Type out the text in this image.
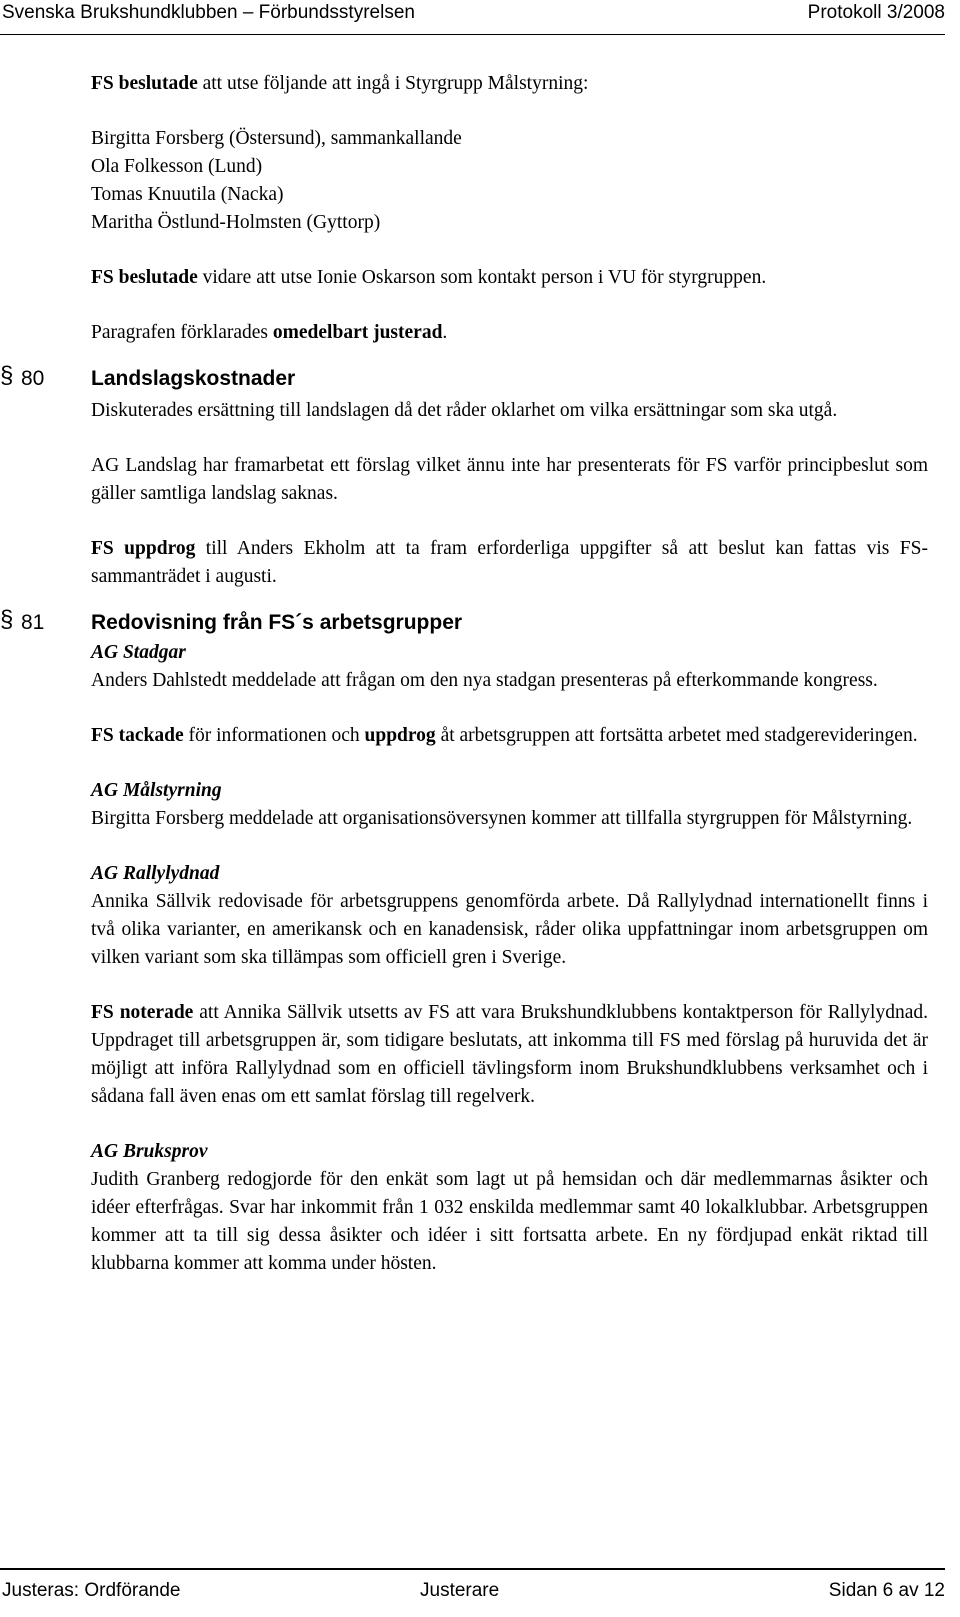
Svenska Brukshundklubben – Förbundsstyrelsen	Protokoll 3/2008

FS beslutade att utse följande att ingå i Styrgrupp Målstyrning:

Birgitta Forsberg (Östersund), sammankallande

Ola Folkesson (Lund)

Tomas Knuutila (Nacka)

Maritha Östlund-Holmsten (Gyttorp)

FS beslutade vidare att utse Ionie Oskarson som kontakt person i VU för styrgruppen.

Paragrafen förklarades omedelbart justerad.

§ 80 Landslagskostnader

Diskuterades ersättning till landslagen då det råder oklarhet om vilka ersättningar som ska utgå.

AG Landslag har framarbetat ett förslag vilket ännu inte har presenterats för FS varför principbeslut som gäller samtliga landslag saknas.

FS uppdrog till Anders Ekholm att ta fram erforderliga uppgifter så att beslut kan fattas vis FS-sammanträdet i augusti.

§ 81 Redovisning från FS´s arbetsgrupper

AG Stadgar

Anders Dahlstedt meddelade att frågan om den nya stadgan presenteras på efterkommande kongress.

FS tackade för informationen och uppdrog åt arbetsgruppen att fortsätta arbetet med stadgerevideringen.

AG Målstyrning

Birgitta Forsberg meddelade att organisationsöversynen kommer att tillfalla styrgruppen för Målstyrning.

AG Rallylydnad

Annika Sällvik redovisade för arbetsgruppens genomförda arbete. Då Rallylydnad internationellt finns i två olika varianter, en amerikansk och en kanadensisk, råder olika uppfattningar inom arbetsgruppen om vilken variant som ska tillämpas som officiell gren i Sverige.

FS noterade att Annika Sällvik utsetts av FS att vara Brukshundklubbens kontaktperson för Rallylydnad. Uppdraget till arbetsgruppen är, som tidigare beslutats, att inkomma till FS med förslag på huruvida det är möjligt att införa Rallylydnad som en officiell tävlingsform inom Brukshundklubbens verksamhet och i sådana fall även enas om ett samlat förslag till regelverk.

AG Bruksprov

Judith Granberg redogjorde för den enkät som lagt ut på hemsidan och där medlemmarnas åsikter och idéer efterfrågas. Svar har inkommit från 1 032 enskilda medlemmar samt 40 lokalklubbar. Arbetsgruppen kommer att ta till sig dessa åsikter och idéer i sitt fortsatta arbete. En ny fördjupad enkät riktad till klubbarna kommer att komma under hösten.

Justeras: Ordförande	Justerare	Sidan 6 av 12
